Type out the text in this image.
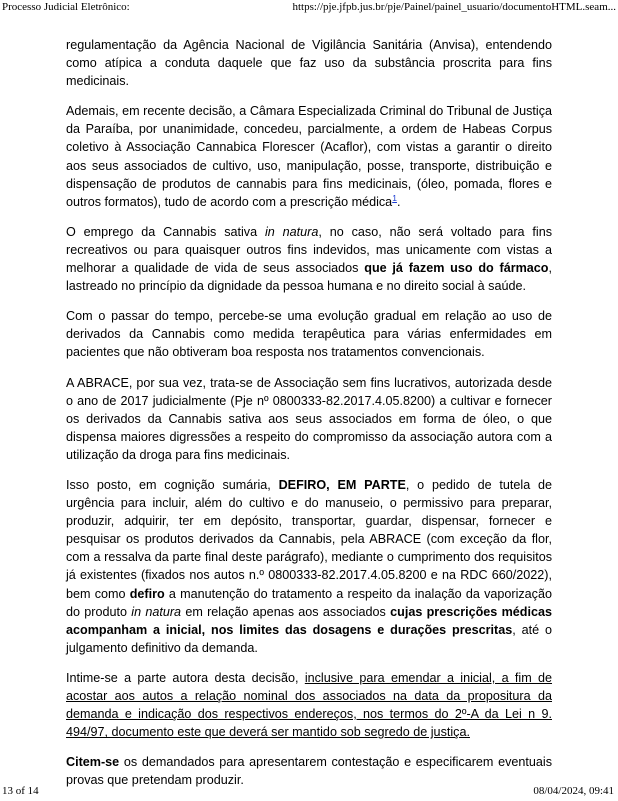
Processo Judicial Eletrônico:	https://pje.jfpb.jus.br/pje/Painel/painel_usuario/documentoHTML.seam...

regulamentação da Agência Nacional de Vigilância Sanitária (Anvisa), entendendo como atípica a conduta daquele que faz uso da substância proscrita para fins medicinais.

Ademais, em recente decisão, a Câmara Especializada Criminal do Tribunal de Justiça da Paraíba, por unanimidade, concedeu, parcialmente, a ordem de Habeas Corpus coletivo à Associação Cannabica Florescer (Acaflor), com vistas a garantir o direito aos seus associados de cultivo, uso, manipulação, posse, transporte, distribuição e dispensação de produtos de cannabis para fins medicinais, (óleo, pomada, flores e outros formatos), tudo de acordo com a prescrição médica$^1$.

O emprego da Cannabis sativa in natura, no caso, não será voltado para fins recreativos ou para quaisquer outros fins indevidos, mas unicamente com vistas a melhorar a qualidade de vida de seus associados que já fazem uso do fármaco, lastreado no princípio da dignidade da pessoa humana e no direito social à saúde.

Com o passar do tempo, percebe-se uma evolução gradual em relação ao uso de derivados da Cannabis como medida terapêutica para várias enfermidades em pacientes que não obtiveram boa resposta nos tratamentos convencionais.

A ABRACE, por sua vez, trata-se de Associação sem fins lucrativos, autorizada desde o ano de 2017 judicialmente (Pje nº 0800333-82.2017.4.05.8200) a cultivar e fornecer os derivados da Cannabis sativa aos seus associados em forma de óleo, o que dispensa maiores digressões a respeito do compromisso da associação autora com a utilização da droga para fins medicinais.

Isso posto, em cognição sumária, DEFIRO, EM PARTE, o pedido de tutela de urgência para incluir, além do cultivo e do manuseio, o permissivo para preparar, produzir, adquirir, ter em depósito, transportar, guardar, dispensar, fornecer e pesquisar os produtos derivados da Cannabis, pela ABRACE (com exceção da flor, com a ressalva da parte final deste parágrafo), mediante o cumprimento dos requisitos já existentes (fixados nos autos n.º 0800333-82.2017.4.05.8200 e na RDC 660/2022), bem como defiro a manutenção do tratamento a respeito da inalação da vaporização do produto in natura em relação apenas aos associados cujas prescrições médicas acompanham a inicial, nos limites das dosagens e durações prescritas, até o julgamento definitivo da demanda.

Intime-se a parte autora desta decisão, inclusive para emendar a inicial, a fim de acostar aos autos a relação nominal dos associados na data da propositura da demanda e indicação dos respectivos endereços, nos termos do 2º-A da Lei n 9. 494/97, documento este que deverá ser mantido sob segredo de justiça.

Citem-se os demandados para apresentarem contestação e especificarem eventuais provas que pretendam produzir.

13 of 14	08/04/2024, 09:41
